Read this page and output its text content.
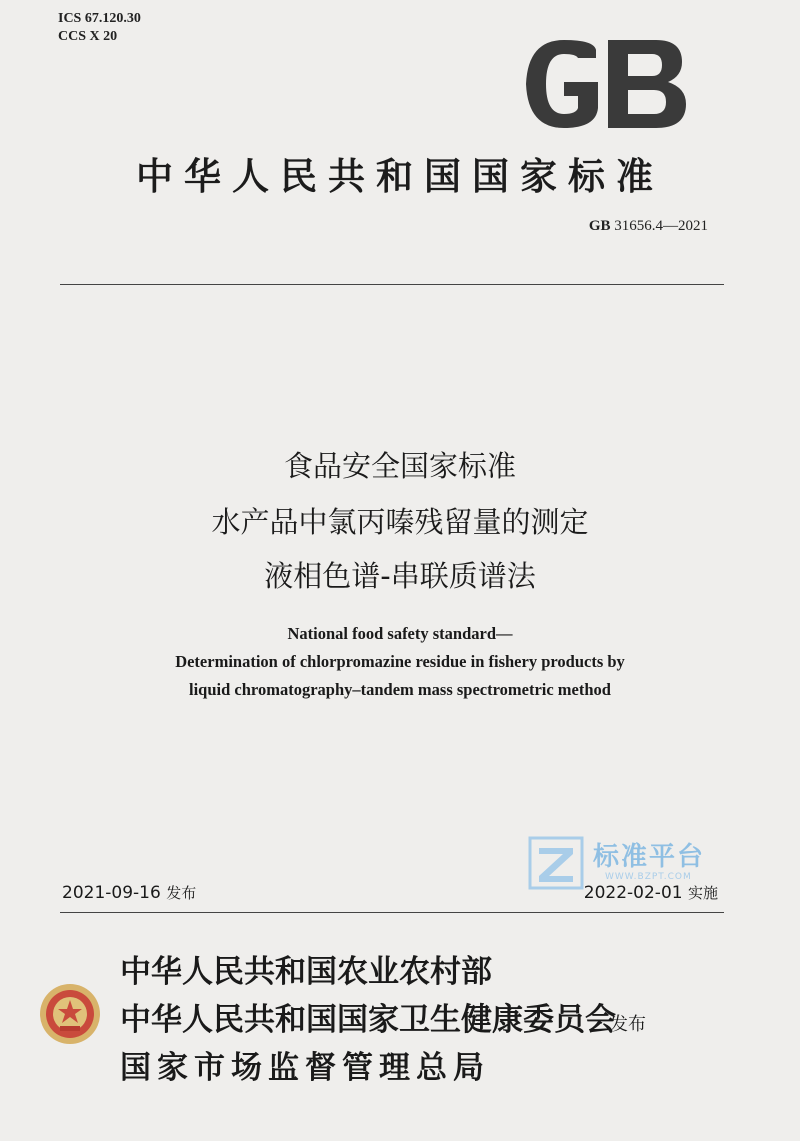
ICS 67.120.30
CCS X 20
中华人民共和国国家标准
GB 31656.4—2021
食品安全国家标准
水产品中氯丙嗪残留量的测定
液相色谱-串联质谱法
National food safety standard—
Determination of chlorpromazine residue in fishery products by
liquid chromatography–tandem mass spectrometric method
标准平台
WWW.BZPT.COM
2021-09-16 发布	2022-02-01 实施
中华人民共和国农业农村部
中华人民共和国国家卫生健康委员会
国家市场监督管理总局
发布
